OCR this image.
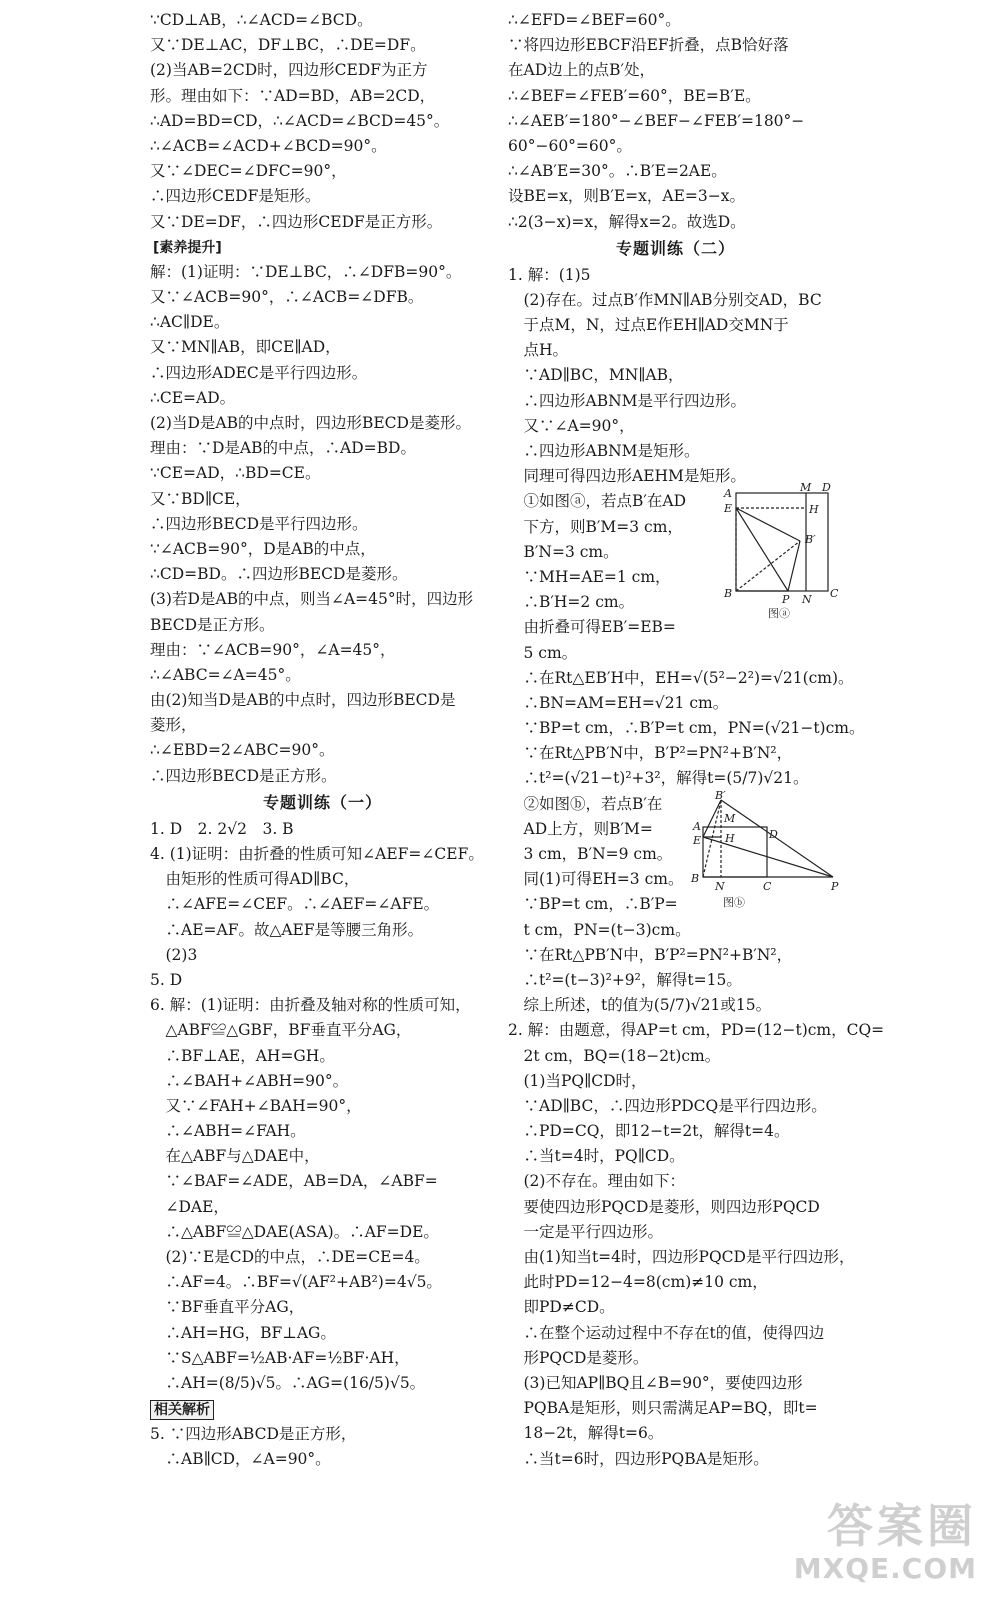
∵CD⊥AB，∴∠ACD=∠BCD。
又∵DE⊥AC，DF⊥BC，∴DE=DF。
(2)当AB=2CD时，四边形CEDF为正方
形。理由如下：∵AD=BD，AB=2CD，
∴AD=BD=CD，∴∠ACD=∠BCD=45°。
∴∠ACB=∠ACD+∠BCD=90°。
又∵∠DEC=∠DFC=90°，
∴四边形CEDF是矩形。
又∵DE=DF，∴四边形CEDF是正方形。
[ 素养提升 ]
解：(1)证明：∵DE⊥BC，∴∠DFB=90°。
又∵∠ACB=90°，∴∠ACB=∠DFB。
∴AC∥DE。
又∵MN∥AB，即CE∥AD，
∴四边形ADEC是平行四边形。
∴CE=AD。
(2)当D是AB的中点时，四边形BECD是菱形。
理由：∵D是AB的中点，∴AD=BD。
∵CE=AD，∴BD=CE。
又∵BD∥CE，
∴四边形BECD是平行四边形。
∵∠ACB=90°，D是AB的中点，
∴CD=BD。∴四边形BECD是菱形。
(3)若D是AB的中点，则当∠A=45°时，四边形
BECD是正方形。
理由：∵∠ACB=90°，∠A=45°，
∴∠ABC=∠A=45°。
由(2)知当D是AB的中点时，四边形BECD是
菱形，
∴∠EBD=2∠ABC=90°。
∴四边形BECD是正方形。
专题训练（一）
1. D　2. 2√2　3. B
4. (1)证明：由折叠的性质可知∠AEF=∠CEF。
　由矩形的性质可得AD∥BC，
　∴∠AFE=∠CEF。∴∠AEF=∠AFE。
　∴AE=AF。故△AEF是等腰三角形。
　(2)3
5. D
6. 解：(1)证明：由折叠及轴对称的性质可知，
　△ABF≌△GBF，BF垂直平分AG，
　∴BF⊥AE，AH=GH。
　∴∠BAH+∠ABH=90°。
　又∵∠FAH+∠BAH=90°，
　∴∠ABH=∠FAH。
　在△ABF与△DAE中，
　∵∠BAF=∠ADE，AB=DA，∠ABF=
　∠DAE，
　∴△ABF≌△DAE(ASA)。∴AF=DE。
　(2)∵E是CD的中点，∴DE=CE=4。
　∴AF=4。∴BF=√(AF²+AB²)=4√5。
　∵BF垂直平分AG，
　∴AH=HG，BF⊥AG。
　∵S△ABF=½AB·AF=½BF·AH，
　∴AH=(8/5)√5。∴AG=(16/5)√5。
相关解析
5. ∵四边形ABCD是正方形，
　∴AB∥CD，∠A=90°。
∴∠EFD=∠BEF=60°。
∵将四边形EBCF沿EF折叠，点B恰好落
在AD边上的点B′处，
∴∠BEF=∠FEB′=60°，BE=B′E。
∴∠AEB′=180°−∠BEF−∠FEB′=180°−
60°−60°=60°。
∴∠AB′E=30°。∴B′E=2AE。
设BE=x，则B′E=x，AE=3−x。
∴2(3−x)=x，解得x=2。故选D。
专题训练（二）
1. 解：(1)5
　(2)存在。过点B′作MN∥AB分别交AD，BC
　于点M，N，过点E作EH∥AD交MN于
　点H。
　∵AD∥BC，MN∥AB，
　∴四边形ABNM是平行四边形。
　又∵∠A=90°，
　∴四边形ABNM是矩形。
　同理可得四边形AEHM是矩形。
　①如图ⓐ，若点B′在AD
　下方，则B′M=3 cm，
　B′N=3 cm。
　∵MH=AE=1 cm，
　∴B′H=2 cm。
　由折叠可得EB′=EB=
　5 cm。
A	M D
E	H
B′
B	P N C
图ⓐ
　∴在Rt△EB′H中，EH=√(5²−2²)=√21(cm)。
　∴BN=AM=EH=√21 cm。
　∵BP=t cm，∴B′P=t cm，PN=(√21−t)cm。
　∵在Rt△PB′N中，B′P²=PN²+B′N²，
　∴t²=(√21−t)²+3²，解得t=(5/7)√21。
　②如图ⓑ，若点B′在
　AD上方，则B′M=
　3 cm，B′N=9 cm。
　同(1)可得EH=3 cm。
　∵BP=t cm，∴B′P=
　t cm，PN=(t−3)cm。
B′
M
A
D
E H
B
N	C	P
图ⓑ
　∵在Rt△PB′N中，B′P²=PN²+B′N²，
　∴t²=(t−3)²+9²，解得t=15。
　综上所述，t的值为(5/7)√21或15。
2. 解：由题意，得AP=t cm，PD=(12−t)cm，CQ=
　2t cm，BQ=(18−2t)cm。
　(1)当PQ∥CD时，
　∵AD∥BC，∴四边形PDCQ是平行四边形。
　∴PD=CQ，即12−t=2t，解得t=4。
　∴当t=4时，PQ∥CD。
　(2)不存在。理由如下：
　要使四边形PQCD是菱形，则四边形PQCD
　一定是平行四边形。
　由(1)知当t=4时，四边形PQCD是平行四边形，
　此时PD=12−4=8(cm)≠10 cm，
　即PD≠CD。
　∴在整个运动过程中不存在t的值，使得四边
　形PQCD是菱形。
　(3)已知AP∥BQ且∠B=90°，要使四边形
　PQBA是矩形，则只需满足AP=BQ，即t=
　18−2t，解得t=6。
　∴当t=6时，四边形PQBA是矩形。
答案圈
MXQE.COM
